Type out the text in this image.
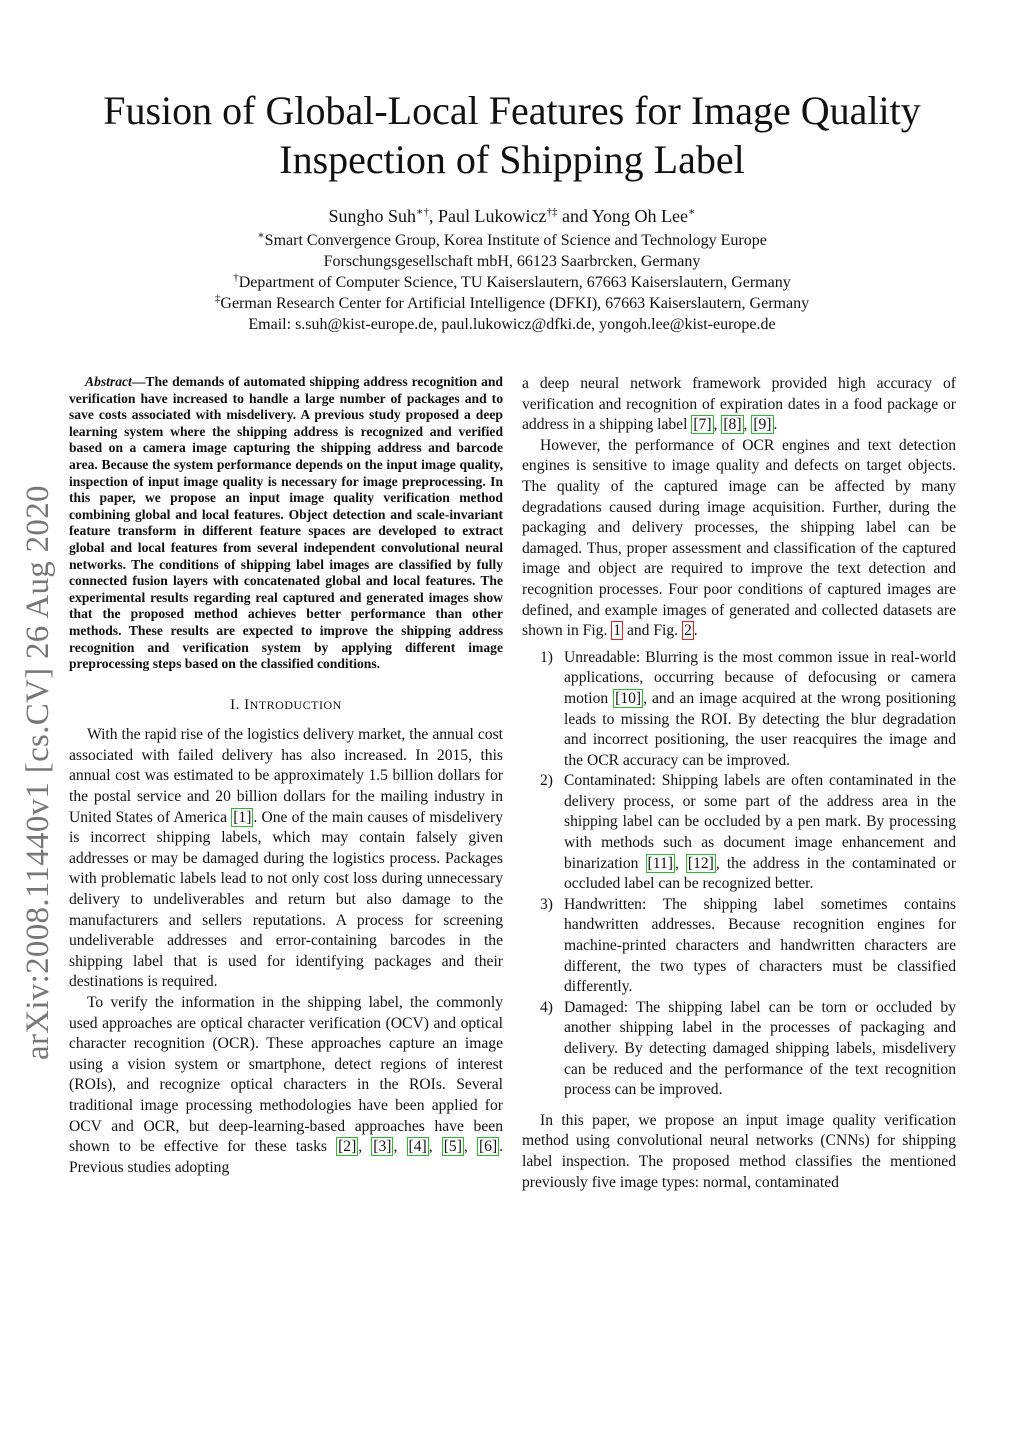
Fusion of Global-Local Features for Image Quality Inspection of Shipping Label
Sungho Suh∗†, Paul Lukowicz†‡ and Yong Oh Lee∗
∗Smart Convergence Group, Korea Institute of Science and Technology Europe
Forschungsgesellschaft mbH, 66123 Saarbrcken, Germany
†Department of Computer Science, TU Kaiserslautern, 67663 Kaiserslautern, Germany
‡German Research Center for Artificial Intelligence (DFKI), 67663 Kaiserslautern, Germany
Email: s.suh@kist-europe.de, paul.lukowicz@dfki.de, yongoh.lee@kist-europe.de
arXiv:2008.11440v1 [cs.CV] 26 Aug 2020

Abstract—The demands of automated shipping address recognition and verification have increased to handle a large number of packages and to save costs associated with misdelivery. A previous study proposed a deep learning system where the shipping address is recognized and verified based on a camera image capturing the shipping address and barcode area. Because the system performance depends on the input image quality, inspection of input image quality is necessary for image preprocessing. In this paper, we propose an input image quality verification method combining global and local features. Object detection and scale-invariant feature transform in different feature spaces are developed to extract global and local features from several independent convolutional neural networks. The conditions of shipping label images are classified by fully connected fusion layers with concatenated global and local features. The experimental results regarding real captured and generated images show that the proposed method achieves better performance than other methods. These results are expected to improve the shipping address recognition and verification system by applying different image preprocessing steps based on the classified conditions.

I. INTRODUCTION

With the rapid rise of the logistics delivery market, the annual cost associated with failed delivery has also increased. In 2015, this annual cost was estimated to be approximately 1.5 billion dollars for the postal service and 20 billion dollars for the mailing industry in United States of America [1] . One of the main causes of misdelivery is incorrect shipping labels, which may contain falsely given addresses or may be damaged during the logistics process. Packages with problematic labels lead to not only cost loss during unnecessary delivery to undeliverables and return but also damage to the manufacturers and sellers reputations. A process for screening undeliverable addresses and error-containing barcodes in the shipping label that is used for identifying packages and their destinations is required.

To verify the information in the shipping label, the commonly used approaches are optical character verification (OCV) and optical character recognition (OCR). These approaches capture an image using a vision system or smartphone, detect regions of interest (ROIs), and recognize optical characters in the ROIs. Several traditional image processing methodologies have been applied for OCV and OCR, but deep-learning-based approaches have been shown to be effective for these tasks [2] , [3] , [4] , [5] , [6] . Previous studies adopting

a deep neural network framework provided high accuracy of verification and recognition of expiration dates in a food package or address in a shipping label [7] , [8] , [9] .

However, the performance of OCR engines and text detection engines is sensitive to image quality and defects on target objects. The quality of the captured image can be affected by many degradations caused during image acquisition. Further, during the packaging and delivery processes, the shipping label can be damaged. Thus, proper assessment and classification of the captured image and object are required to improve the text detection and recognition processes. Four poor conditions of captured images are defined, and example images of generated and collected datasets are shown in Fig. 1 and Fig. 2 .

1) Unreadable: Blurring is the most common issue in real-world applications, occurring because of defocusing or camera motion [10] , and an image acquired at the wrong positioning leads to missing the ROI. By detecting the blur degradation and incorrect positioning, the user reacquires the image and the OCR accuracy can be improved.
2) Contaminated: Shipping labels are often contaminated in the delivery process, or some part of the address area in the shipping label can be occluded by a pen mark. By processing with methods such as document image enhancement and binarization [11] , [12] , the address in the contaminated or occluded label can be recognized better.
3) Handwritten: The shipping label sometimes contains handwritten addresses. Because recognition engines for machine-printed characters and handwritten characters are different, the two types of characters must be classified differently.
4) Damaged: The shipping label can be torn or occluded by another shipping label in the processes of packaging and delivery. By detecting damaged shipping labels, misdelivery can be reduced and the performance of the text recognition process can be improved.

In this paper, we propose an input image quality verification method using convolutional neural networks (CNNs) for shipping label inspection. The proposed method classifies the mentioned previously five image types: normal, contaminated
